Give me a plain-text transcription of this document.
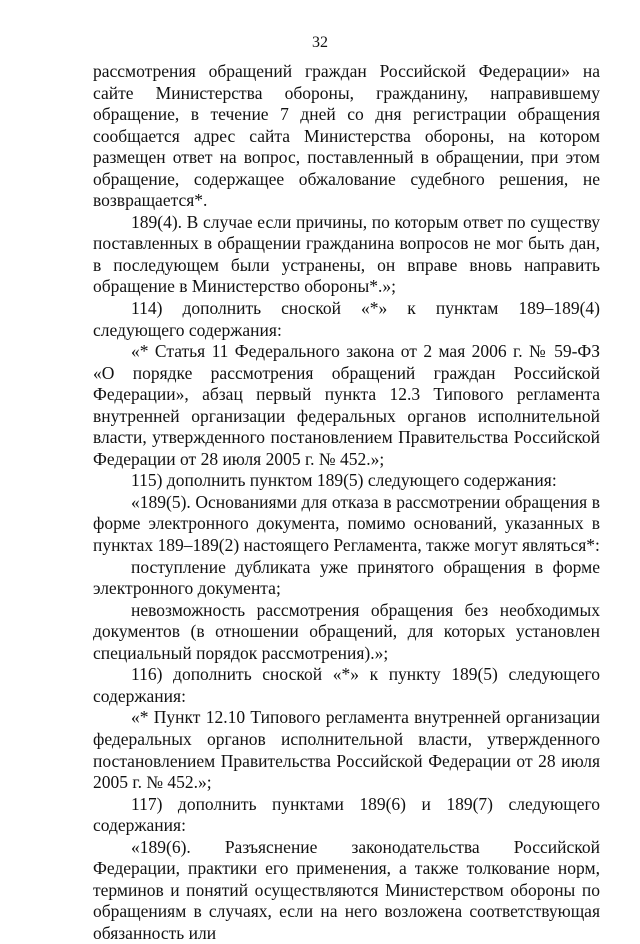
32

рассмотрения обращений граждан Российской Федерации» на сайте Министерства обороны, гражданину, направившему обращение, в течение 7 дней со дня регистрации обращения сообщается адрес сайта Министерства обороны, на котором размещен ответ на вопрос, поставленный в обращении, при этом обращение, содержащее обжалование судебного решения, не возвращается*.

189(4). В случае если причины, по которым ответ по существу поставленных в обращении гражданина вопросов не мог быть дан, в последующем были устранены, он вправе вновь направить обращение в Министерство обороны*.»;

114) дополнить сноской «*» к пунктам 189–189(4) следующего содержания:

«* Статья 11 Федерального закона от 2 мая 2006 г. № 59-ФЗ «О порядке рассмотрения обращений граждан Российской Федерации», абзац первый пункта 12.3 Типового регламента внутренней организации федеральных органов исполнительной власти, утвержденного постановлением Правительства Российской Федерации от 28 июля 2005 г. № 452.»;

115) дополнить пунктом 189(5) следующего содержания:

«189(5). Основаниями для отказа в рассмотрении обращения в форме электронного документа, помимо оснований, указанных в пунктах 189–189(2) настоящего Регламента, также могут являться*:

поступление дубликата уже принятого обращения в форме электронного документа;

невозможность рассмотрения обращения без необходимых документов (в отношении обращений, для которых установлен специальный порядок рассмотрения).»;

116) дополнить сноской «*» к пункту 189(5) следующего содержания:

«* Пункт 12.10 Типового регламента внутренней организации федеральных органов исполнительной власти, утвержденного постановлением Правительства Российской Федерации от 28 июля 2005 г. № 452.»;

117) дополнить пунктами 189(6) и 189(7) следующего содержания:

«189(6). Разъяснение законодательства Российской Федерации, практики его применения, а также толкование норм, терминов и понятий осуществляются Министерством обороны по обращениям в случаях, если на него возложена соответствующая обязанность или
